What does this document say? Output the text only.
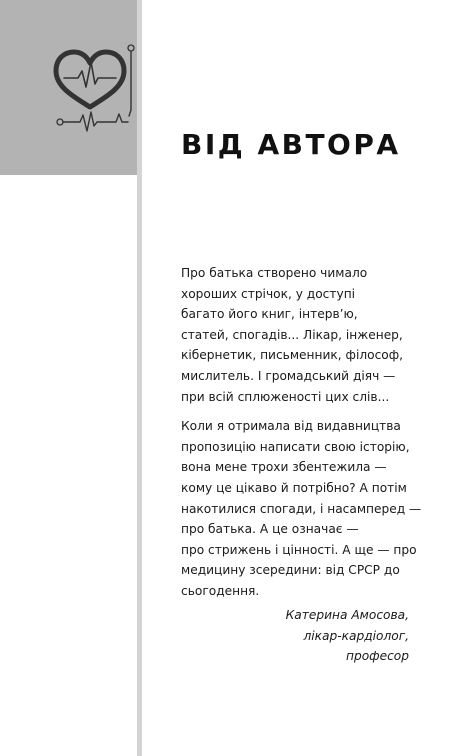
ВІД АВТОРА

Про батька створено чимало
хороших стрічок, у доступі
багато його книг, інтерв’ю,
статей, спогадів... Лікар, інженер,
кібернетик, письменник, філософ,
мислитель. І громадський діяч —
при всій сплюженості цих слів...

Коли я отримала від видавництва
пропозицію написати свою історію,
вона мене трохи збентежила —
кому це цікаво й потрібно? А потім
накотилися спогади, і насамперед —
про батька. А це означає —
про стрижень і цінності. А ще — про
медицину зсередини: від СРСР до
сьогодення.

Катерина Амосова,
лікар-кардіолог,
професор
